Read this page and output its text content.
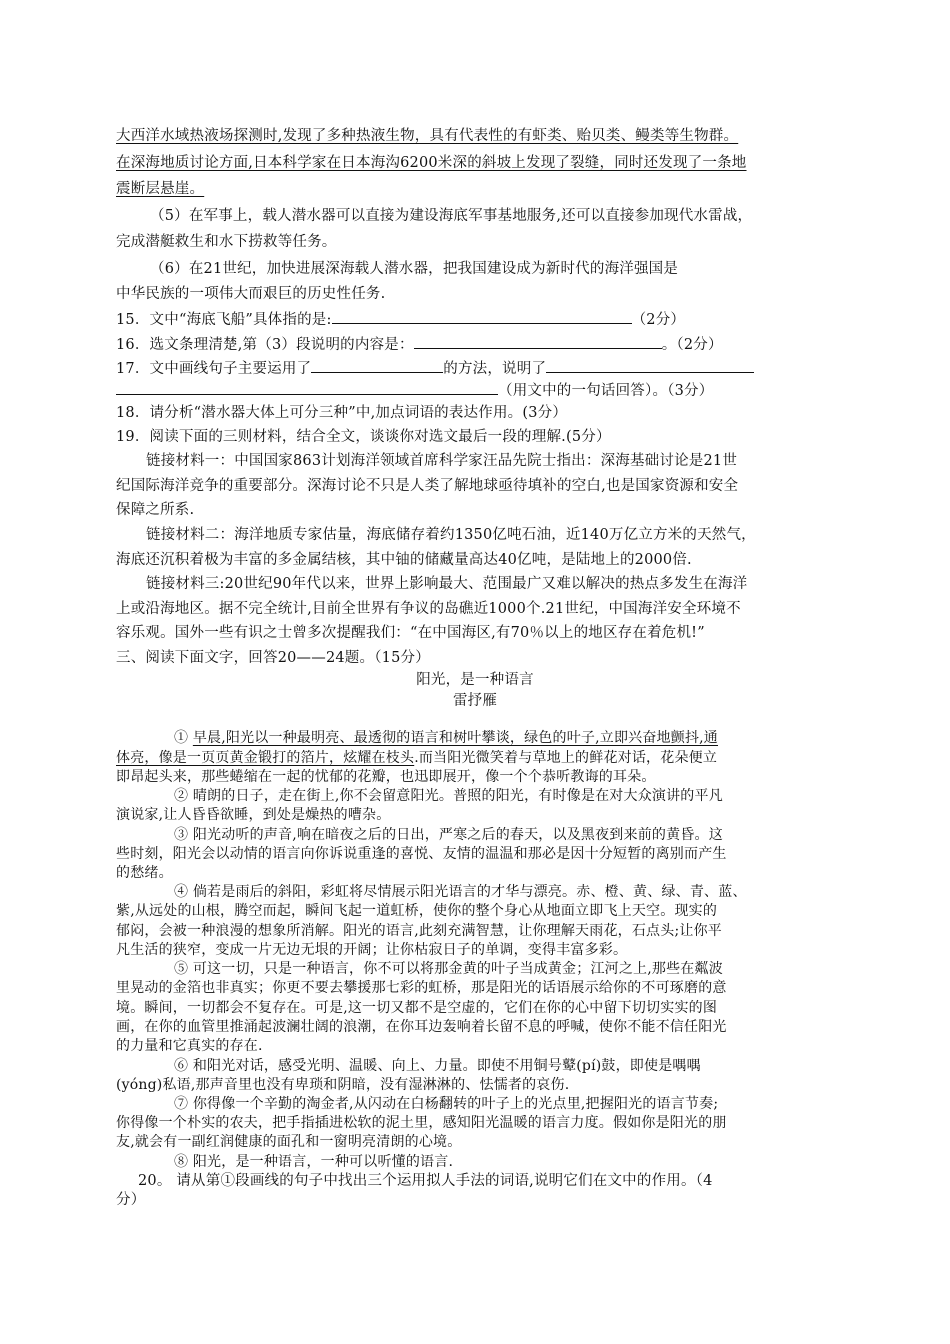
大西洋水域热液场探测时,发现了多种热液生物，具有代表性的有虾类、贻贝类、鳗类等生物群。
在深海地质讨论方面,日本科学家在日本海沟6200米深的斜坡上发现了裂缝，同时还发现了一条地
震断层悬崖。
（5）在军事上，载人潜水器可以直接为建设海底军事基地服务,还可以直接参加现代水雷战，
完成潜艇救生和水下捞救等任务。
（6）在21世纪，加快进展深海载人潜水器，把我国建设成为新时代的海洋强国是
中华民族的一项伟大而艰巨的历史性任务.
15．文中“海底飞船”具体指的是:	（2分）
16．选文条理清楚,第（3）段说明的内容是：	。（2分）
17．文中画线句子主要运用了	的方法，说明了
（用文中的一句话回答）。（3分）
18．请分析“潜水器大体上可分三种”中,加点词语的表达作用。(3分）
19．阅读下面的三则材料，结合全文，谈谈你对选文最后一段的理解.(5分）
链接材料一：中国国家863计划海洋领域首席科学家汪品先院士指出：深海基础讨论是21世
纪国际海洋竞争的重要部分。深海讨论不只是人类了解地球亟待填补的空白,也是国家资源和安全
保障之所系.
链接材料二：海洋地质专家估量，海底储存着约1350亿吨石油，近140万亿立方米的天然气，
海底还沉积着极为丰富的多金属结核，其中铀的储藏量高达40亿吨，是陆地上的2000倍.
链接材料三:20世纪90年代以来，世界上影响最大、范围最广又难以解决的热点多发生在海洋
上或沿海地区。据不完全统计,目前全世界有争议的岛礁近1000个.21世纪，中国海洋安全环境不
容乐观。国外一些有识之士曾多次提醒我们：“在中国海区,有70％以上的地区存在着危机!”
三、阅读下面文字，回答20——24题。（15分）
阳光，是一种语言
雷抒雁
① 早晨,阳光以一种最明亮、最透彻的语言和树叶攀谈，绿色的叶子,立即兴奋地颤抖,通
体亮，像是一页页黄金锻打的箔片，炫耀在枝头.而当阳光微笑着与草地上的鲜花对话，花朵便立
即昂起头来，那些蜷缩在一起的忧郁的花瓣，也迅即展开，像一个个恭听教诲的耳朵。
② 晴朗的日子，走在街上,你不会留意阳光。普照的阳光，有时像是在对大众演讲的平凡
演说家,让人昏昏欲睡，到处是燥热的嘈杂。
③ 阳光动听的声音,响在暗夜之后的日出，严寒之后的春天，以及黑夜到来前的黄昏。这
些时刻，阳光会以动情的语言向你诉说重逢的喜悦、友情的温温和那必是因十分短暂的离别而产生
的愁绪。
④ 倘若是雨后的斜阳，彩虹将尽情展示阳光语言的才华与漂亮。赤、橙、黄、绿、青、蓝、
紫,从远处的山根，腾空而起，瞬间飞起一道虹桥，使你的整个身心从地面立即飞上天空。现实的
郁闷，会被一种浪漫的想象所消解。阳光的语言,此刻充满智慧，让你理解天雨花，石点头;让你平
凡生活的狭窄，变成一片无边无垠的开阔；让你枯寂日子的单调，变得丰富多彩。
⑤ 可这一切，只是一种语言，你不可以将那金黄的叶子当成黄金；江河之上,那些在粼波
里晃动的金箔也非真实；你更不要去攀援那七彩的虹桥，那是阳光的话语展示给你的不可琢磨的意
境。瞬间，一切都会不复存在。可是,这一切又都不是空虚的，它们在你的心中留下切切实实的图
画，在你的血管里推涌起波澜壮阔的浪潮，在你耳边轰响着长留不息的呼喊，使你不能不信任阳光
的力量和它真实的存在.
⑥ 和阳光对话，感受光明、温暖、向上、力量。即使不用铜号鼙(pí)鼓，即使是喁喁
(yóng)私语,那声音里也没有卑琐和阴暗，没有湿淋淋的、怯懦者的哀伤.
⑦ 你得像一个辛勤的淘金者,从闪动在白杨翻转的叶子上的光点里,把握阳光的语言节奏;
你得像一个朴实的农夫，把手指插进松软的泥土里，感知阳光温暖的语言力度。假如你是阳光的朋
友,就会有一副红润健康的面孔和一窗明亮清朗的心境。
⑧ 阳光，是一种语言，一种可以听懂的语言.
20。 请从第①段画线的句子中找出三个运用拟人手法的词语,说明它们在文中的作用。（4
分）
